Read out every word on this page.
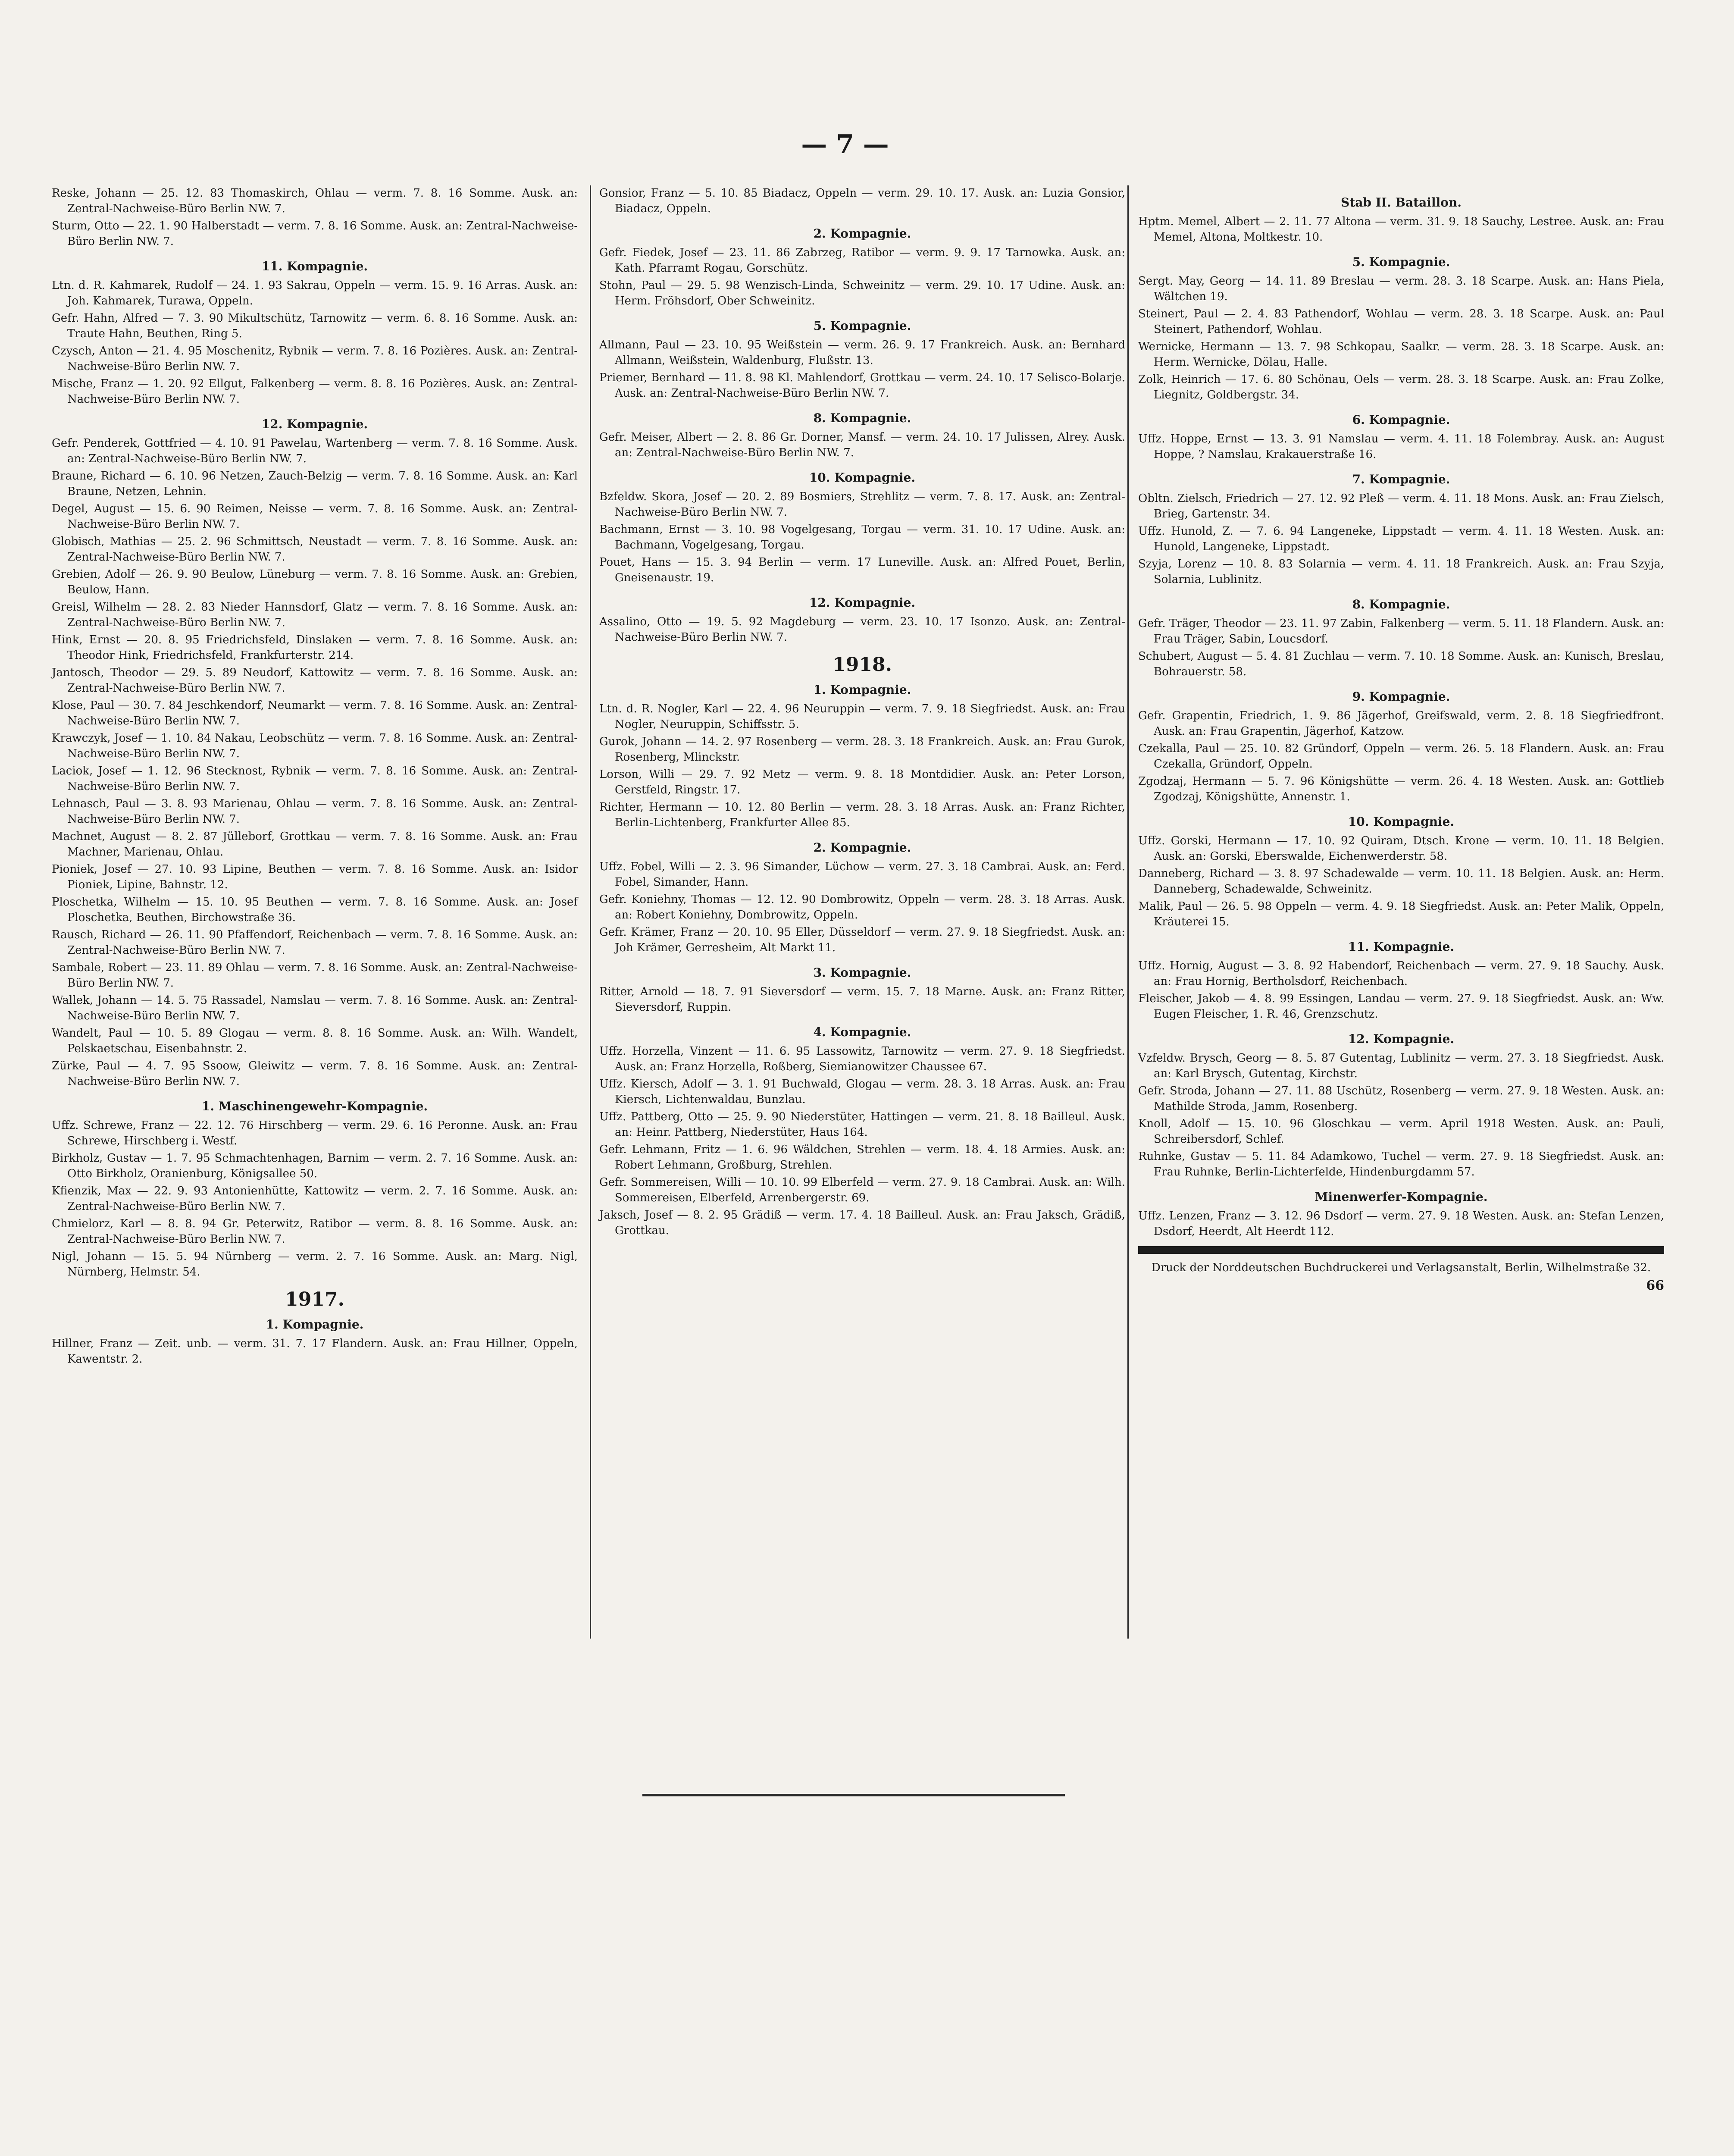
— 7 —

Reske, Johann — 25. 12. 83 Thomaskirch, Ohlau — verm. 7. 8. 16 Somme. Ausk. an: Zentral-Nachweise-Büro Berlin NW. 7.

Sturm, Otto — 22. 1. 90 Halberstadt — verm. 7. 8. 16 Somme. Ausk. an: Zentral-Nachweise-Büro Berlin NW. 7.

11. Kompagnie.

Ltn. d. R. Kahmarek, Rudolf — 24. 1. 93 Sakrau, Oppeln — verm. 15. 9. 16 Arras. Ausk. an: Joh. Kahmarek, Turawa, Oppeln.

Gefr. Hahn, Alfred — 7. 3. 90 Mikultschütz, Tarnowitz — verm. 6. 8. 16 Somme. Ausk. an: Traute Hahn, Beuthen, Ring 5.

Czysch, Anton — 21. 4. 95 Moschenitz, Rybnik — verm. 7. 8. 16 Pozières. Ausk. an: Zentral-Nachweise-Büro Berlin NW. 7.

Mische, Franz — 1. 20. 92 Ellgut, Falkenberg — verm. 8. 8. 16 Pozières. Ausk. an: Zentral-Nachweise-Büro Berlin NW. 7.

12. Kompagnie.

Gefr. Penderek, Gottfried — 4. 10. 91 Pawelau, Wartenberg — verm. 7. 8. 16 Somme. Ausk. an: Zentral-Nachweise-Büro Berlin NW. 7.

Braune, Richard — 6. 10. 96 Netzen, Zauch-Belzig — verm. 7. 8. 16 Somme. Ausk. an: Karl Braune, Netzen, Lehnin.

Degel, August — 15. 6. 90 Reimen, Neisse — verm. 7. 8. 16 Somme. Ausk. an: Zentral-Nachweise-Büro Berlin NW. 7.

Globisch, Mathias — 25. 2. 96 Schmittsch, Neustadt — verm. 7. 8. 16 Somme. Ausk. an: Zentral-Nachweise-Büro Berlin NW. 7.

Grebien, Adolf — 26. 9. 90 Beulow, Lüneburg — verm. 7. 8. 16 Somme. Ausk. an: Grebien, Beulow, Hann.

Greisl, Wilhelm — 28. 2. 83 Nieder Hannsdorf, Glatz — verm. 7. 8. 16 Somme. Ausk. an: Zentral-Nachweise-Büro Berlin NW. 7.

Hink, Ernst — 20. 8. 95 Friedrichsfeld, Dinslaken — verm. 7. 8. 16 Somme. Ausk. an: Theodor Hink, Friedrichsfeld, Frankfurterstr. 214.

Jantosch, Theodor — 29. 5. 89 Neudorf, Kattowitz — verm. 7. 8. 16 Somme. Ausk. an: Zentral-Nachweise-Büro Berlin NW. 7.

Klose, Paul — 30. 7. 84 Jeschkendorf, Neumarkt — verm. 7. 8. 16 Somme. Ausk. an: Zentral-Nachweise-Büro Berlin NW. 7.

Krawczyk, Josef — 1. 10. 84 Nakau, Leobschütz — verm. 7. 8. 16 Somme. Ausk. an: Zentral-Nachweise-Büro Berlin NW. 7.

Laciok, Josef — 1. 12. 96 Stecknost, Rybnik — verm. 7. 8. 16 Somme. Ausk. an: Zentral-Nachweise-Büro Berlin NW. 7.

Lehnasch, Paul — 3. 8. 93 Marienau, Ohlau — verm. 7. 8. 16 Somme. Ausk. an: Zentral-Nachweise-Büro Berlin NW. 7.

Machnet, August — 8. 2. 87 Jülleborf, Grottkau — verm. 7. 8. 16 Somme. Ausk. an: Frau Machner, Marienau, Ohlau.

Pioniek, Josef — 27. 10. 93 Lipine, Beuthen — verm. 7. 8. 16 Somme. Ausk. an: Isidor Pioniek, Lipine, Bahnstr. 12.

Ploschetka, Wilhelm — 15. 10. 95 Beuthen — verm. 7. 8. 16 Somme. Ausk. an: Josef Ploschetka, Beuthen, Birchowstraße 36.

Rausch, Richard — 26. 11. 90 Pfaffendorf, Reichenbach — verm. 7. 8. 16 Somme. Ausk. an: Zentral-Nachweise-Büro Berlin NW. 7.

Sambale, Robert — 23. 11. 89 Ohlau — verm. 7. 8. 16 Somme. Ausk. an: Zentral-Nachweise-Büro Berlin NW. 7.

Wallek, Johann — 14. 5. 75 Rassadel, Namslau — verm. 7. 8. 16 Somme. Ausk. an: Zentral-Nachweise-Büro Berlin NW. 7.

Wandelt, Paul — 10. 5. 89 Glogau — verm. 8. 8. 16 Somme. Ausk. an: Wilh. Wandelt, Pelskaetschau, Eisenbahnstr. 2.

Zürke, Paul — 4. 7. 95 Ssoow, Gleiwitz — verm. 7. 8. 16 Somme. Ausk. an: Zentral-Nachweise-Büro Berlin NW. 7.

1. Maschinengewehr-Kompagnie.

Uffz. Schrewe, Franz — 22. 12. 76 Hirschberg — verm. 29. 6. 16 Peronne. Ausk. an: Frau Schrewe, Hirschberg i. Westf.

Birkholz, Gustav — 1. 7. 95 Schmachtenhagen, Barnim — verm. 2. 7. 16 Somme. Ausk. an: Otto Birkholz, Oranienburg, Königsallee 50.

Kfienzik, Max — 22. 9. 93 Antonienhütte, Kattowitz — verm. 2. 7. 16 Somme. Ausk. an: Zentral-Nachweise-Büro Berlin NW. 7.

Chmielorz, Karl — 8. 8. 94 Gr. Peterwitz, Ratibor — verm. 8. 8. 16 Somme. Ausk. an: Zentral-Nachweise-Büro Berlin NW. 7.

Nigl, Johann — 15. 5. 94 Nürnberg — verm. 2. 7. 16 Somme. Ausk. an: Marg. Nigl, Nürnberg, Helmstr. 54.

1917.
1. Kompagnie.

Hillner, Franz — Zeit. unb. — verm. 31. 7. 17 Flandern. Ausk. an: Frau Hillner, Oppeln, Kawentstr. 2.

Gonsior, Franz — 5. 10. 85 Biadacz, Oppeln — verm. 29. 10. 17. Ausk. an: Luzia Gonsior, Biadacz, Oppeln.

2. Kompagnie.

Gefr. Fiedek, Josef — 23. 11. 86 Zabrzeg, Ratibor — verm. 9. 9. 17 Tarnowka. Ausk. an: Kath. Pfarramt Rogau, Gorschütz.

Stohn, Paul — 29. 5. 98 Wenzisch-Linda, Schweinitz — verm. 29. 10. 17 Udine. Ausk. an: Herm. Fröhsdorf, Ober Schweinitz.

5. Kompagnie.

Allmann, Paul — 23. 10. 95 Weißstein — verm. 26. 9. 17 Frankreich. Ausk. an: Bernhard Allmann, Weißstein, Waldenburg, Flußstr. 13.

Priemer, Bernhard — 11. 8. 98 Kl. Mahlendorf, Grottkau — verm. 24. 10. 17 Selisco-Bolarje. Ausk. an: Zentral-Nachweise-Büro Berlin NW. 7.

8. Kompagnie.

Gefr. Meiser, Albert — 2. 8. 86 Gr. Dorner, Mansf. — verm. 24. 10. 17 Julissen, Alrey. Ausk. an: Zentral-Nachweise-Büro Berlin NW. 7.

10. Kompagnie.

Bzfeldw. Skora, Josef — 20. 2. 89 Bosmiers, Strehlitz — verm. 7. 8. 17. Ausk. an: Zentral-Nachweise-Büro Berlin NW. 7.

Bachmann, Ernst — 3. 10. 98 Vogelgesang, Torgau — verm. 31. 10. 17 Udine. Ausk. an: Bachmann, Vogelgesang, Torgau.

Pouet, Hans — 15. 3. 94 Berlin — verm. 17 Luneville. Ausk. an: Alfred Pouet, Berlin, Gneisenaustr. 19.

12. Kompagnie.

Assalino, Otto — 19. 5. 92 Magdeburg — verm. 23. 10. 17 Isonzo. Ausk. an: Zentral-Nachweise-Büro Berlin NW. 7.

1918.
1. Kompagnie.

Ltn. d. R. Nogler, Karl — 22. 4. 96 Neuruppin — verm. 7. 9. 18 Siegfriedst. Ausk. an: Frau Nogler, Neuruppin, Schiffsstr. 5.

Gurok, Johann — 14. 2. 97 Rosenberg — verm. 28. 3. 18 Frankreich. Ausk. an: Frau Gurok, Rosenberg, Mlinckstr.

Lorson, Willi — 29. 7. 92 Metz — verm. 9. 8. 18 Montdidier. Ausk. an: Peter Lorson, Gerstfeld, Ringstr. 17.

Richter, Hermann — 10. 12. 80 Berlin — verm. 28. 3. 18 Arras. Ausk. an: Franz Richter, Berlin-Lichtenberg, Frankfurter Allee 85.

2. Kompagnie.

Uffz. Fobel, Willi — 2. 3. 96 Simander, Lüchow — verm. 27. 3. 18 Cambrai. Ausk. an: Ferd. Fobel, Simander, Hann.

Gefr. Koniehny, Thomas — 12. 12. 90 Dombrowitz, Oppeln — verm. 28. 3. 18 Arras. Ausk. an: Robert Koniehny, Dombrowitz, Oppeln.

Gefr. Krämer, Franz — 20. 10. 95 Eller, Düsseldorf — verm. 27. 9. 18 Siegfriedst. Ausk. an: Joh Krämer, Gerresheim, Alt Markt 11.

3. Kompagnie.

Ritter, Arnold — 18. 7. 91 Sieversdorf — verm. 15. 7. 18 Marne. Ausk. an: Franz Ritter, Sieversdorf, Ruppin.

4. Kompagnie.

Uffz. Horzella, Vinzent — 11. 6. 95 Lassowitz, Tarnowitz — verm. 27. 9. 18 Siegfriedst. Ausk. an: Franz Horzella, Roßberg, Siemianowitzer Chaussee 67.

Uffz. Kiersch, Adolf — 3. 1. 91 Buchwald, Glogau — verm. 28. 3. 18 Arras. Ausk. an: Frau Kiersch, Lichtenwaldau, Bunzlau.

Uffz. Pattberg, Otto — 25. 9. 90 Niederstüter, Hattingen — verm. 21. 8. 18 Bailleul. Ausk. an: Heinr. Pattberg, Niederstüter, Haus 164.

Gefr. Lehmann, Fritz — 1. 6. 96 Wäldchen, Strehlen — verm. 18. 4. 18 Armies. Ausk. an: Robert Lehmann, Großburg, Strehlen.

Gefr. Sommereisen, Willi — 10. 10. 99 Elberfeld — verm. 27. 9. 18 Cambrai. Ausk. an: Wilh. Sommereisen, Elberfeld, Arrenbergerstr. 69.

Jaksch, Josef — 8. 2. 95 Grädiß — verm. 17. 4. 18 Bailleul. Ausk. an: Frau Jaksch, Grädiß, Grottkau.

Stab II. Bataillon.

Hptm. Memel, Albert — 2. 11. 77 Altona — verm. 31. 9. 18 Sauchy, Lestree. Ausk. an: Frau Memel, Altona, Moltkestr. 10.

5. Kompagnie.

Sergt. May, Georg — 14. 11. 89 Breslau — verm. 28. 3. 18 Scarpe. Ausk. an: Hans Piela, Wältchen 19.

Steinert, Paul — 2. 4. 83 Pathendorf, Wohlau — verm. 28. 3. 18 Scarpe. Ausk. an: Paul Steinert, Pathendorf, Wohlau.

Wernicke, Hermann — 13. 7. 98 Schkopau, Saalkr. — verm. 28. 3. 18 Scarpe. Ausk. an: Herm. Wernicke, Dölau, Halle.

Zolk, Heinrich — 17. 6. 80 Schönau, Oels — verm. 28. 3. 18 Scarpe. Ausk. an: Frau Zolke, Liegnitz, Goldbergstr. 34.

6. Kompagnie.

Uffz. Hoppe, Ernst — 13. 3. 91 Namslau — verm. 4. 11. 18 Folembray. Ausk. an: August Hoppe, ? Namslau, Krakauerstraße 16.

7. Kompagnie.

Obltn. Zielsch, Friedrich — 27. 12. 92 Pleß — verm. 4. 11. 18 Mons. Ausk. an: Frau Zielsch, Brieg, Gartenstr. 34.

Uffz. Hunold, Z. — 7. 6. 94 Langeneke, Lippstadt — verm. 4. 11. 18 Westen. Ausk. an: Hunold, Langeneke, Lippstadt.

Szyja, Lorenz — 10. 8. 83 Solarnia — verm. 4. 11. 18 Frankreich. Ausk. an: Frau Szyja, Solarnia, Lublinitz.

8. Kompagnie.

Gefr. Träger, Theodor — 23. 11. 97 Zabin, Falkenberg — verm. 5. 11. 18 Flandern. Ausk. an: Frau Träger, Sabin, Loucsdorf.

Schubert, August — 5. 4. 81 Zuchlau — verm. 7. 10. 18 Somme. Ausk. an: Kunisch, Breslau, Bohrauerstr. 58.

9. Kompagnie.

Gefr. Grapentin, Friedrich, 1. 9. 86 Jägerhof, Greifswald, verm. 2. 8. 18 Siegfriedfront. Ausk. an: Frau Grapentin, Jägerhof, Katzow.

Czekalla, Paul — 25. 10. 82 Gründorf, Oppeln — verm. 26. 5. 18 Flandern. Ausk. an: Frau Czekalla, Gründorf, Oppeln.

Zgodzaj, Hermann — 5. 7. 96 Königshütte — verm. 26. 4. 18 Westen. Ausk. an: Gottlieb Zgodzaj, Königshütte, Annenstr. 1.

10. Kompagnie.

Uffz. Gorski, Hermann — 17. 10. 92 Quiram, Dtsch. Krone — verm. 10. 11. 18 Belgien. Ausk. an: Gorski, Eberswalde, Eichenwerderstr. 58.

Danneberg, Richard — 3. 8. 97 Schadewalde — verm. 10. 11. 18 Belgien. Ausk. an: Herm. Danneberg, Schadewalde, Schweinitz.

Malik, Paul — 26. 5. 98 Oppeln — verm. 4. 9. 18 Siegfriedst. Ausk. an: Peter Malik, Oppeln, Kräuterei 15.

11. Kompagnie.

Uffz. Hornig, August — 3. 8. 92 Habendorf, Reichenbach — verm. 27. 9. 18 Sauchy. Ausk. an: Frau Hornig, Bertholsdorf, Reichenbach.

Fleischer, Jakob — 4. 8. 99 Essingen, Landau — verm. 27. 9. 18 Siegfriedst. Ausk. an: Ww. Eugen Fleischer, 1. R. 46, Grenzschutz.

12. Kompagnie.

Vzfeldw. Brysch, Georg — 8. 5. 87 Gutentag, Lublinitz — verm. 27. 3. 18 Siegfriedst. Ausk. an: Karl Brysch, Gutentag, Kirchstr.

Gefr. Stroda, Johann — 27. 11. 88 Uschütz, Rosenberg — verm. 27. 9. 18 Westen. Ausk. an: Mathilde Stroda, Jamm, Rosenberg.

Knoll, Adolf — 15. 10. 96 Gloschkau — verm. April 1918 Westen. Ausk. an: Pauli, Schreibersdorf, Schlef.

Ruhnke, Gustav — 5. 11. 84 Adamkowo, Tuchel — verm. 27. 9. 18 Siegfriedst. Ausk. an: Frau Ruhnke, Berlin-Lichterfelde, Hindenburgdamm 57.

Minenwerfer-Kompagnie.

Uffz. Lenzen, Franz — 3. 12. 96 Dsdorf — verm. 27. 9. 18 Westen. Ausk. an: Stefan Lenzen, Dsdorf, Heerdt, Alt Heerdt 112.

Druck der Norddeutschen Buchdruckerei und Verlagsanstalt, Berlin, Wilhelmstraße 32.
66
